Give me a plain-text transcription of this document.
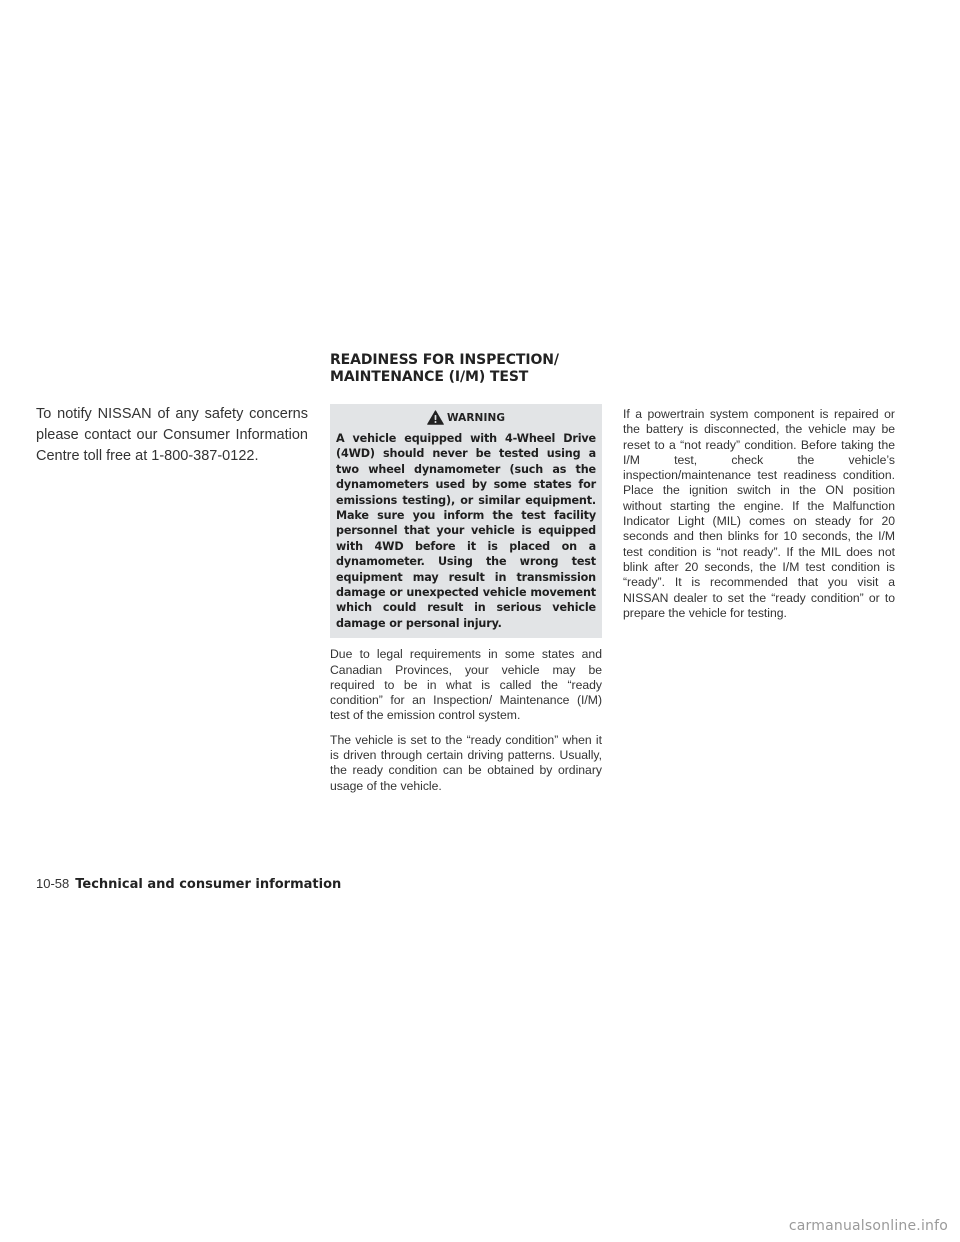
READINESS FOR INSPECTION/
MAINTENANCE (I/M) TEST

To notify NISSAN of any safety concerns please contact our Consumer Information Centre toll free at 1-800-387-0122.

WARNING

A vehicle equipped with 4-Wheel Drive (4WD) should never be tested using a two wheel dynamometer (such as the dynamometers used by some states for emissions testing), or similar equipment. Make sure you inform the test facility personnel that your vehicle is equipped with 4WD before it is placed on a dynamometer. Using the wrong test equipment may result in transmission damage or unexpected vehicle movement which could result in serious vehicle damage or personal injury.

Due to legal requirements in some states and Canadian Provinces, your vehicle may be required to be in what is called the “ready condition” for an Inspection/ Maintenance (I/M) test of the emission control system.

The vehicle is set to the “ready condition” when it is driven through certain driving patterns. Usually, the ready condition can be obtained by ordinary usage of the vehicle.

If a powertrain system component is repaired or the battery is disconnected, the vehicle may be reset to a “not ready” condition. Before taking the I/M test, check the vehicle’s inspection/maintenance test readiness condition. Place the ignition switch in the ON position without starting the engine. If the Malfunction Indicator Light (MIL) comes on steady for 20 seconds and then blinks for 10 seconds, the I/M test condition is “not ready”. If the MIL does not blink after 20 seconds, the I/M test condition is “ready”. It is recommended that you visit a NISSAN dealer to set the “ready condition” or to prepare the vehicle for testing.

10-58 Technical and consumer information
carmanualsonline.info
